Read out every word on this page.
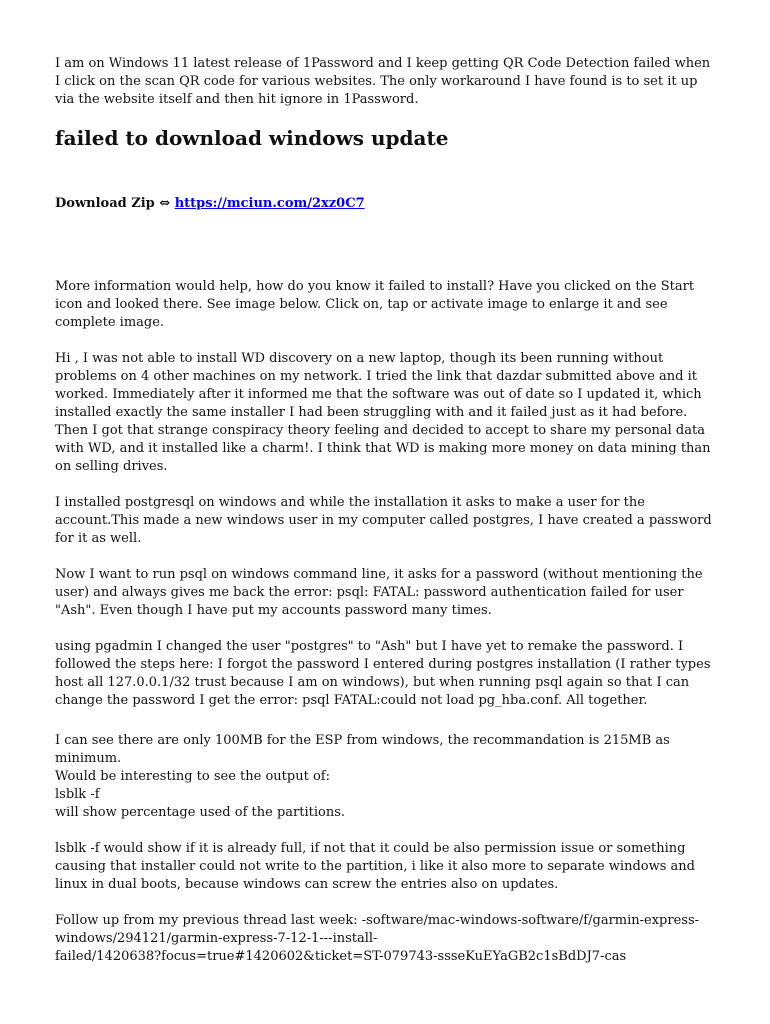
I am on Windows 11 latest release of 1Password and I keep getting QR Code Detection failed when I click on the scan QR code for various websites. The only workaround I have found is to set it up via the website itself and then hit ignore in 1Password.

failed to download windows update

Download Zip ⇔ https://mciun.com/2xz0C7

More information would help, how do you know it failed to install? Have you clicked on the Start icon and looked there. See image below. Click on, tap or activate image to enlarge it and see complete image.

Hi , I was not able to install WD discovery on a new laptop, though its been running without problems on 4 other machines on my network. I tried the link that dazdar submitted above and it worked. Immediately after it informed me that the software was out of date so I updated it, which installed exactly the same installer I had been struggling with and it failed just as it had before. Then I got that strange conspiracy theory feeling and decided to accept to share my personal data with WD, and it installed like a charm!. I think that WD is making more money on data mining than on selling drives.

I installed postgresql on windows and while the installation it asks to make a user for the account.This made a new windows user in my computer called postgres, I have created a password for it as well.

Now I want to run psql on windows command line, it asks for a password (without mentioning the user) and always gives me back the error: psql: FATAL: password authentication failed for user "Ash". Even though I have put my accounts password many times.

using pgadmin I changed the user "postgres" to "Ash" but I have yet to remake the password. I followed the steps here: I forgot the password I entered during postgres installation (I rather types host all 127.0.0.1/32 trust because I am on windows), but when running psql again so that I can change the password I get the error: psql FATAL:could not load pg_hba.conf. All together.

I can see there are only 100MB for the ESP from windows, the recommandation is 215MB as minimum.
Would be interesting to see the output of:
lsblk -f
will show percentage used of the partitions.

lsblk -f would show if it is already full, if not that it could be also permission issue or something causing that installer could not write to the partition, i like it also more to separate windows and linux in dual boots, because windows can screw the entries also on updates.

Follow up from my previous thread last week: -software/mac-windows-software/f/garmin-express-
windows/294121/garmin-express-7-12-1---install-
failed/1420638?focus=true#1420602&ticket=ST-079743-ssseKuEYaGB2c1sBdDJ7-cas
